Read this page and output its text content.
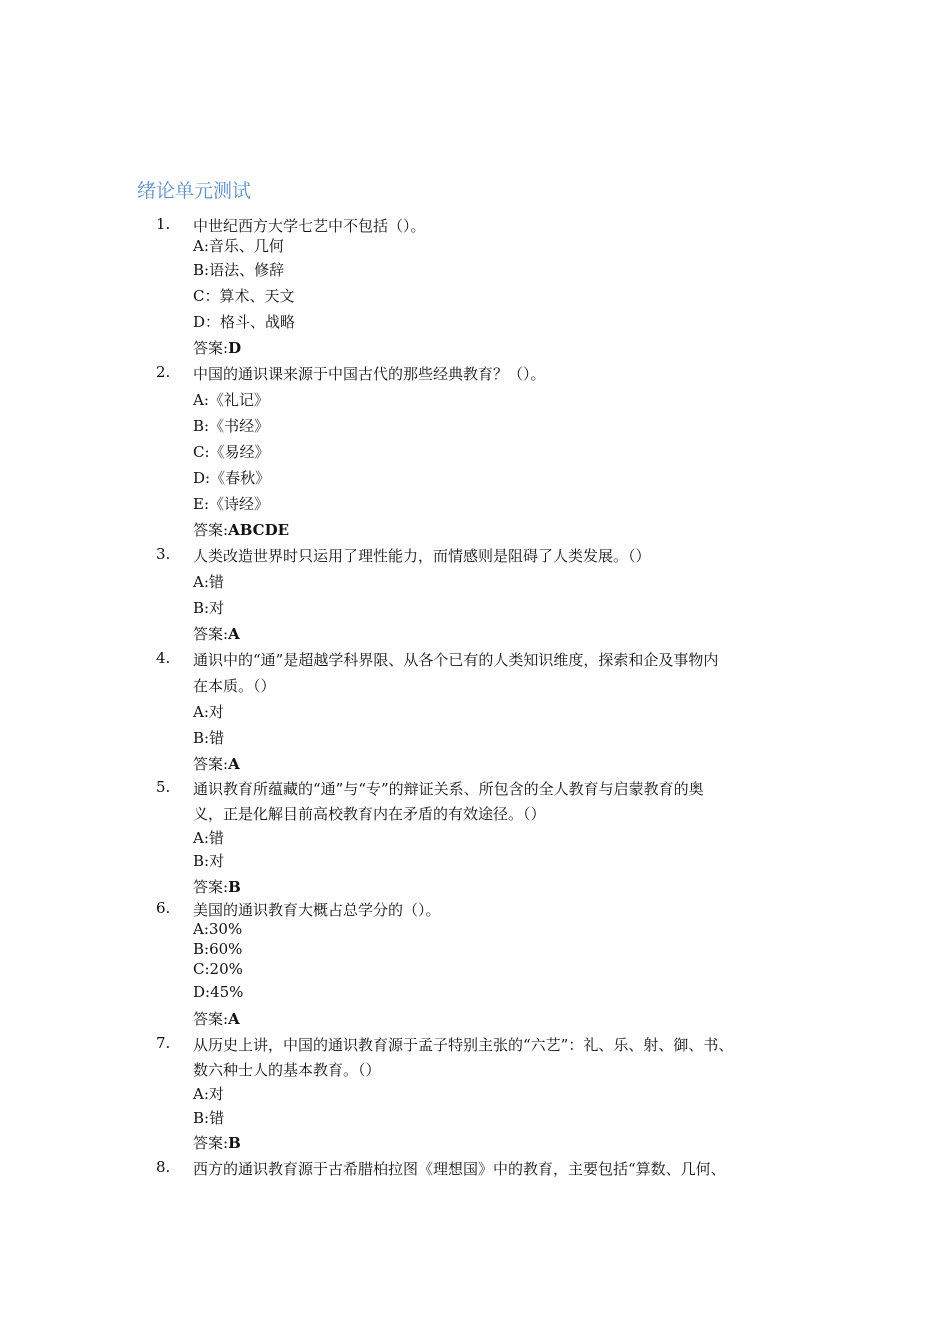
绪论单元测试
1. 中世纪西方大学七艺中不包括（）。
A:音乐、几何
B:语法、修辞
C：算术、天文
D：格斗、战略
答案:D
2. 中国的通识课来源于中国古代的那些经典教育？（）。
A:《礼记》
B:《书经》
C:《易经》
D:《春秋》
E:《诗经》
答案:ABCDE
3. 人类改造世界时只运用了理性能力，而情感则是阻碍了人类发展。（）
A:错
B:对
答案:A
4. 通识中的“通”是超越学科界限、从各个已有的人类知识维度，探索和企及事物内
在本质。（）
A:对
B:错
答案:A
5. 通识教育所蕴藏的“通”与“专”的辩证关系、所包含的全人教育与启蒙教育的奥
义，正是化解目前高校教育内在矛盾的有效途径。（）
A:错
B:对
答案:B
6. 美国的通识教育大概占总学分的（）。
A:30%
B:60%
C:20%
D:45%
答案:A
7. 从历史上讲，中国的通识教育源于孟子特别主张的“六艺”：礼、乐、射、御、书、
数六种士人的基本教育。（）
A:对
B:错
答案:B
8. 西方的通识教育源于古希腊柏拉图《理想国》中的教育，主要包括“算数、几何、
